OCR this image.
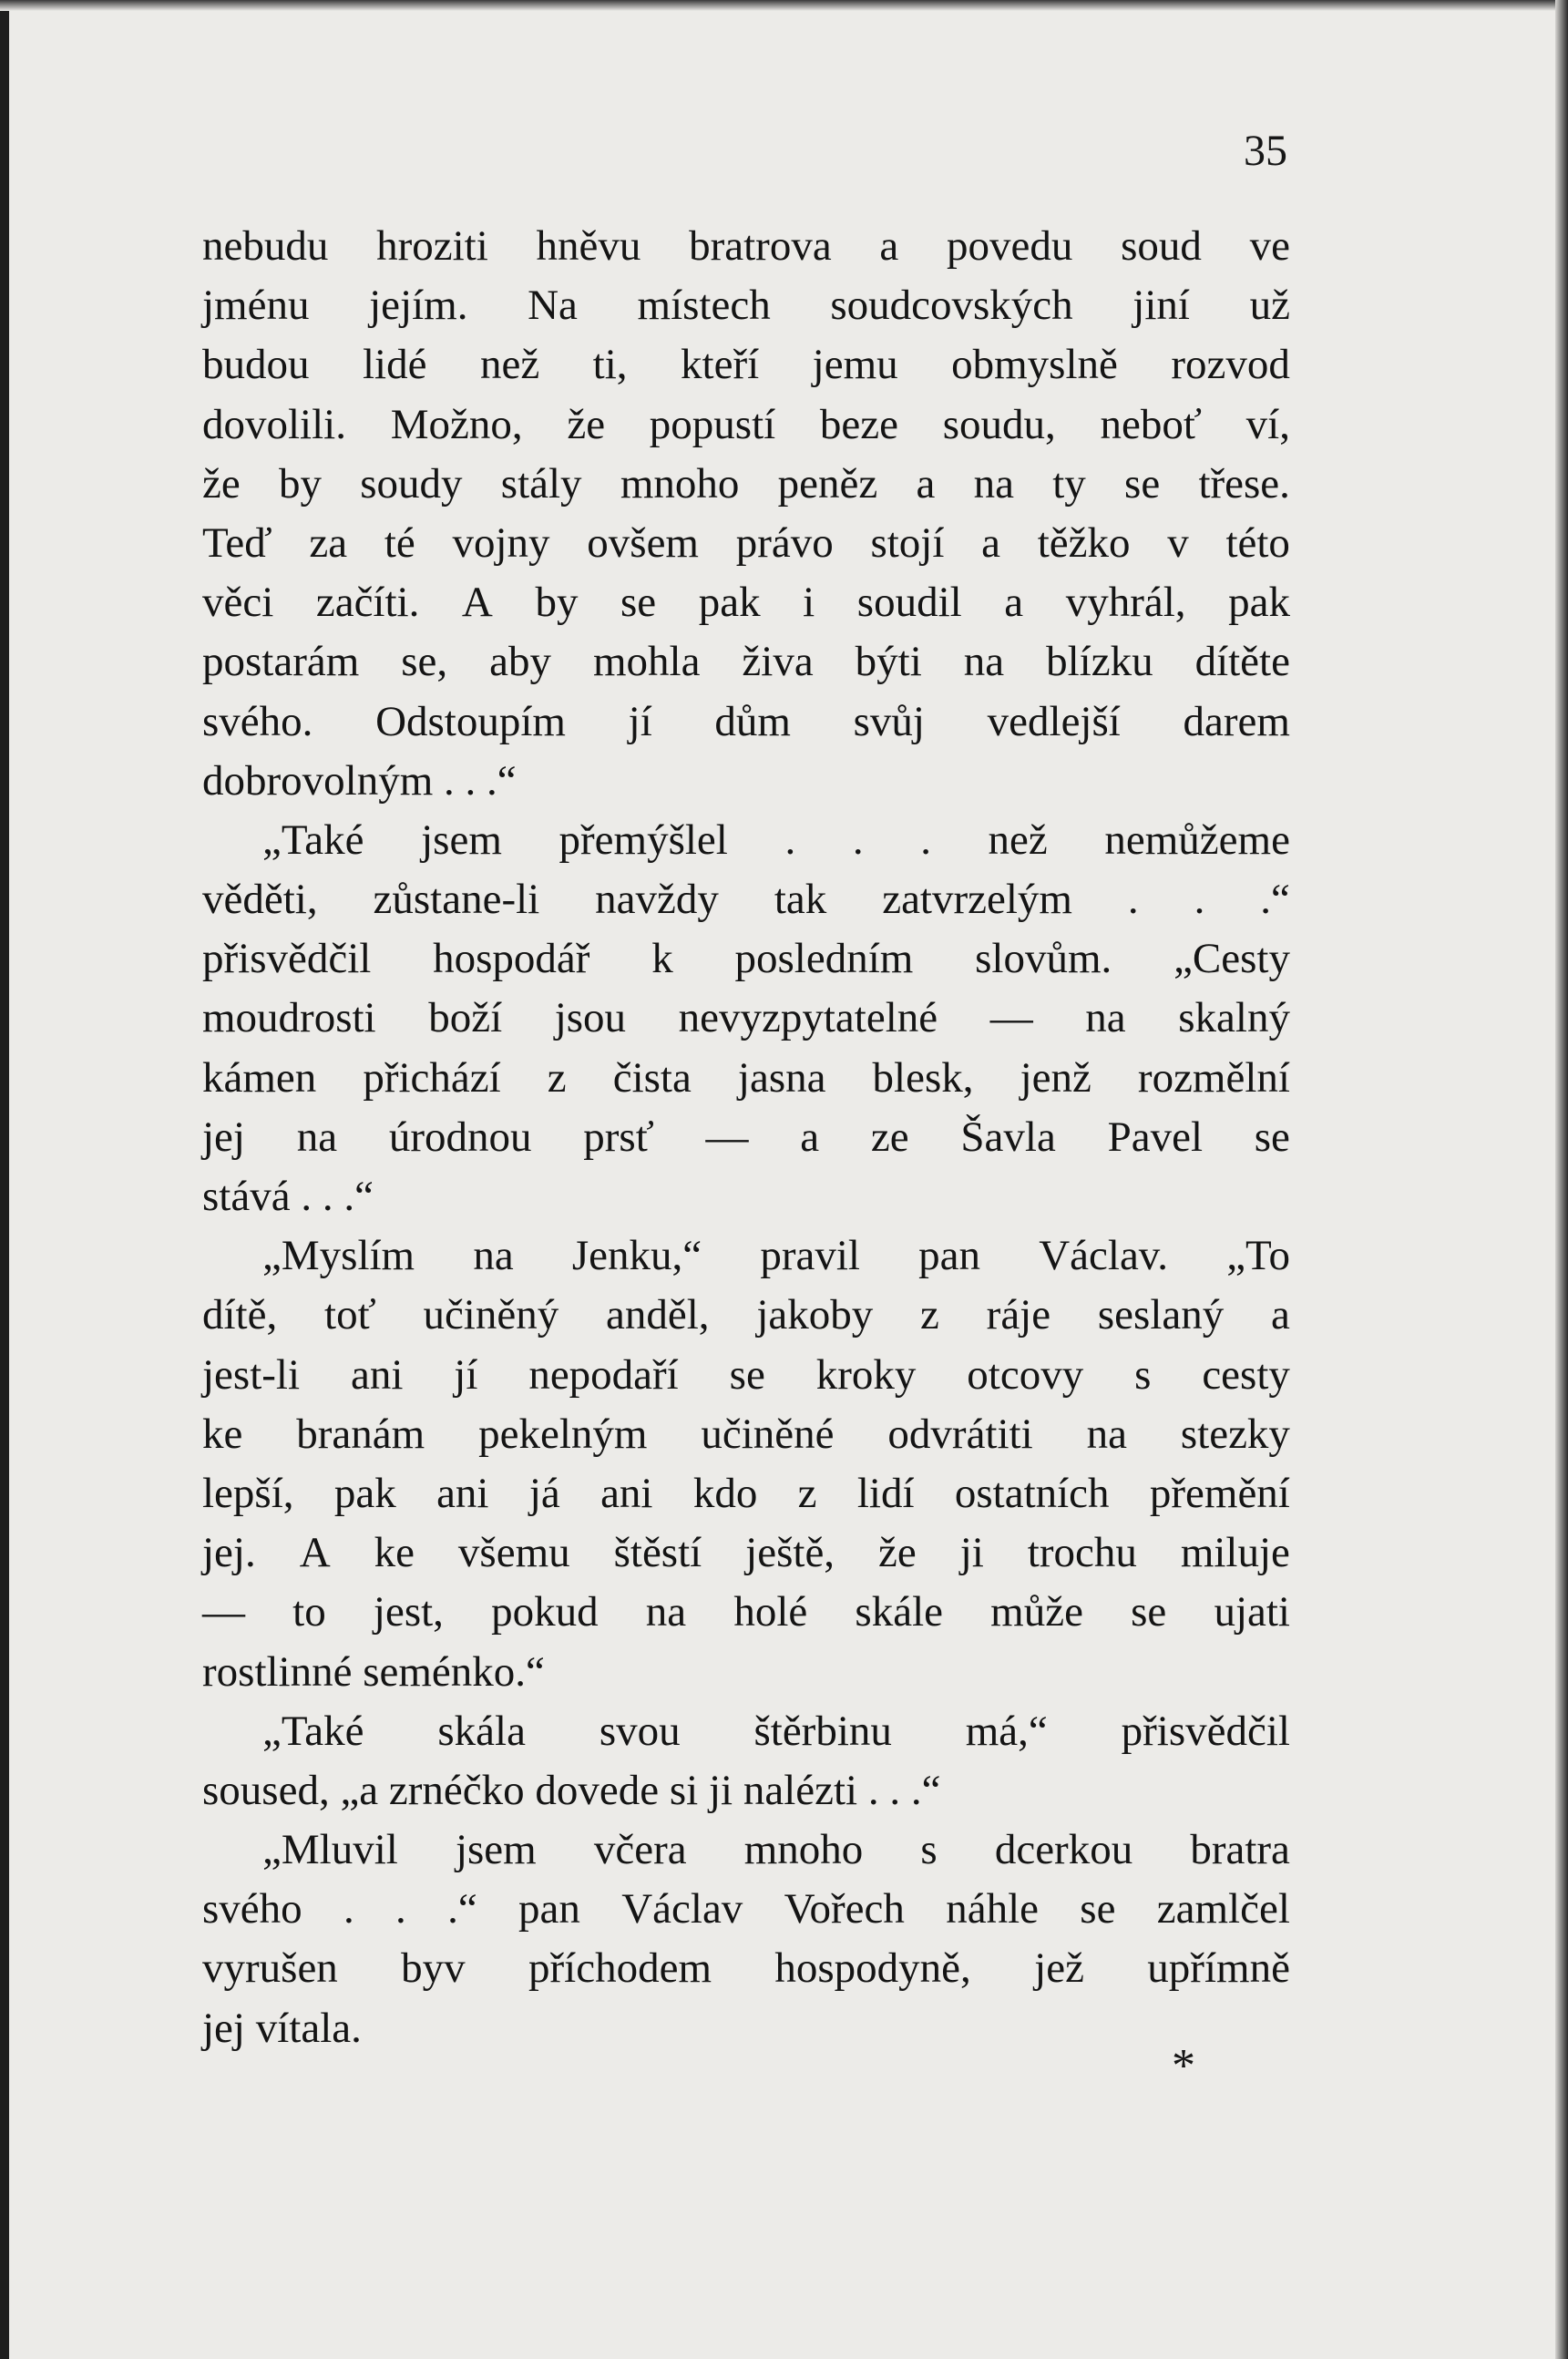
35
nebudu hroziti hněvu bratrova a povedu soud ve
jménu jejím. Na místech soudcovských jiní už
budou lidé než ti, kteří jemu obmyslně rozvod
dovolili. Možno, že popustí beze soudu, neboť ví,
že by soudy stály mnoho peněz a na ty se třese.
Teď za té vojny ovšem právo stojí a těžko v této
věci začíti. A by se pak i soudil a vyhrál, pak
postarám se, aby mohla živa býti na blízku dítěte
svého. Odstoupím jí dům svůj vedlejší darem
dobrovolným . . .“
„Také jsem přemýšlel . . . než nemůžeme
věděti, zůstane-li navždy tak zatvrzelým . . .“
přisvědčil hospodář k posledním slovům. „Cesty
moudrosti boží jsou nevyzpytatelné — na skalný
kámen přichází z čista jasna blesk, jenž rozmělní
jej na úrodnou prsť — a ze Šavla Pavel se
stává . . .“
„Myslím na Jenku,“ pravil pan Václav. „To
dítě, toť učiněný anděl, jakoby z ráje seslaný a
jest-li ani jí nepodaří se kroky otcovy s cesty
ke branám pekelným učiněné odvrátiti na stezky
lepší, pak ani já ani kdo z lidí ostatních přemění
jej. A ke všemu štěstí ještě, že ji trochu miluje
— to jest, pokud na holé skále může se ujati
rostlinné seménko.“
„Také skála svou štěrbinu má,“ přisvědčil
soused, „a zrnéčko dovede si ji nalézti . . .“
„Mluvil jsem včera mnoho s dcerkou bratra
svého . . .“ pan Václav Vořech náhle se zamlčel
vyrušen byv příchodem hospodyně, jež upřímně
jej vítala.
*
